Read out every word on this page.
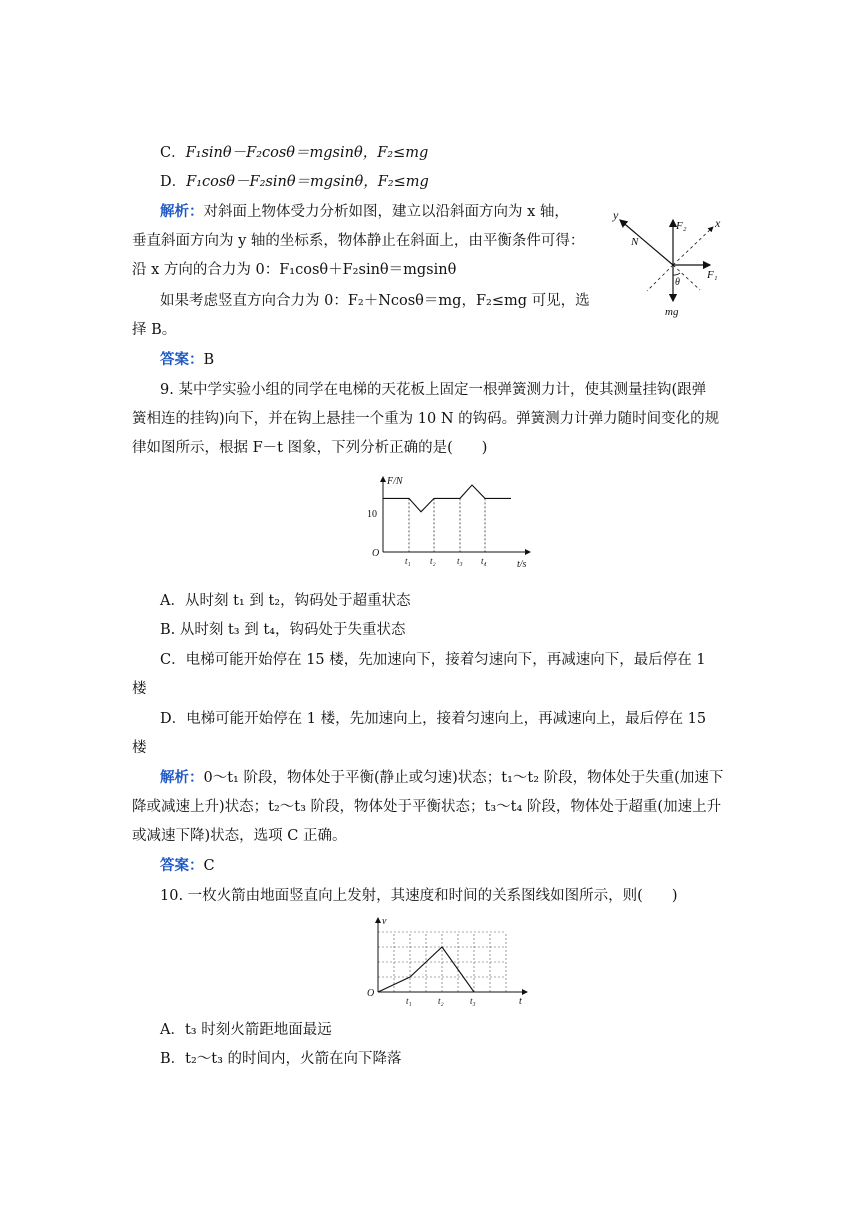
C．F₁sinθ－F₂cosθ＝mgsinθ，F₂≤mg
D．F₁cosθ－F₂sinθ＝mgsinθ，F₂≤mg
解析：对斜面上物体受力分析如图，建立以沿斜面方向为 x 轴，
垂直斜面方向为 y 轴的坐标系，物体静止在斜面上，由平衡条件可得：
沿 x 方向的合力为 0：F₁cosθ＋F₂sinθ＝mgsinθ
如果考虑竖直方向合力为 0：F₂＋Ncosθ＝mg，F₂≤mg 可见，选
择 B。
答案：B
y
x
N
F₂
F₁
θ
mg
9. 某中学实验小组的同学在电梯的天花板上固定一根弹簧测力计，使其测量挂钩(跟弹
簧相连的挂钩)向下，并在钩上悬挂一个重为 10 N 的钩码。弹簧测力计弹力随时间变化的规
律如图所示，根据 F－t 图象，下列分析正确的是(　　)
F/N
t/s
O
10
t₁ t₂ t₃ t₄
A．从时刻 t₁ 到 t₂，钩码处于超重状态
B. 从时刻 t₃ 到 t₄，钩码处于失重状态
C．电梯可能开始停在 15 楼，先加速向下，接着匀速向下，再减速向下，最后停在 1
楼
D．电梯可能开始停在 1 楼，先加速向上，接着匀速向上，再减速向上，最后停在 15
楼
解析：0～t₁ 阶段，物体处于平衡(静止或匀速)状态；t₁～t₂ 阶段，物体处于失重(加速下
降或减速上升)状态；t₂～t₃ 阶段，物体处于平衡状态；t₃～t₄ 阶段，物体处于超重(加速上升
或减速下降)状态，选项 C 正确。
答案：C
10. 一枚火箭由地面竖直向上发射，其速度和时间的关系图线如图所示，则(　　)
v
t
O
t₁	t₂	t₃
A．t₃ 时刻火箭距地面最远
B．t₂～t₃ 的时间内，火箭在向下降落
